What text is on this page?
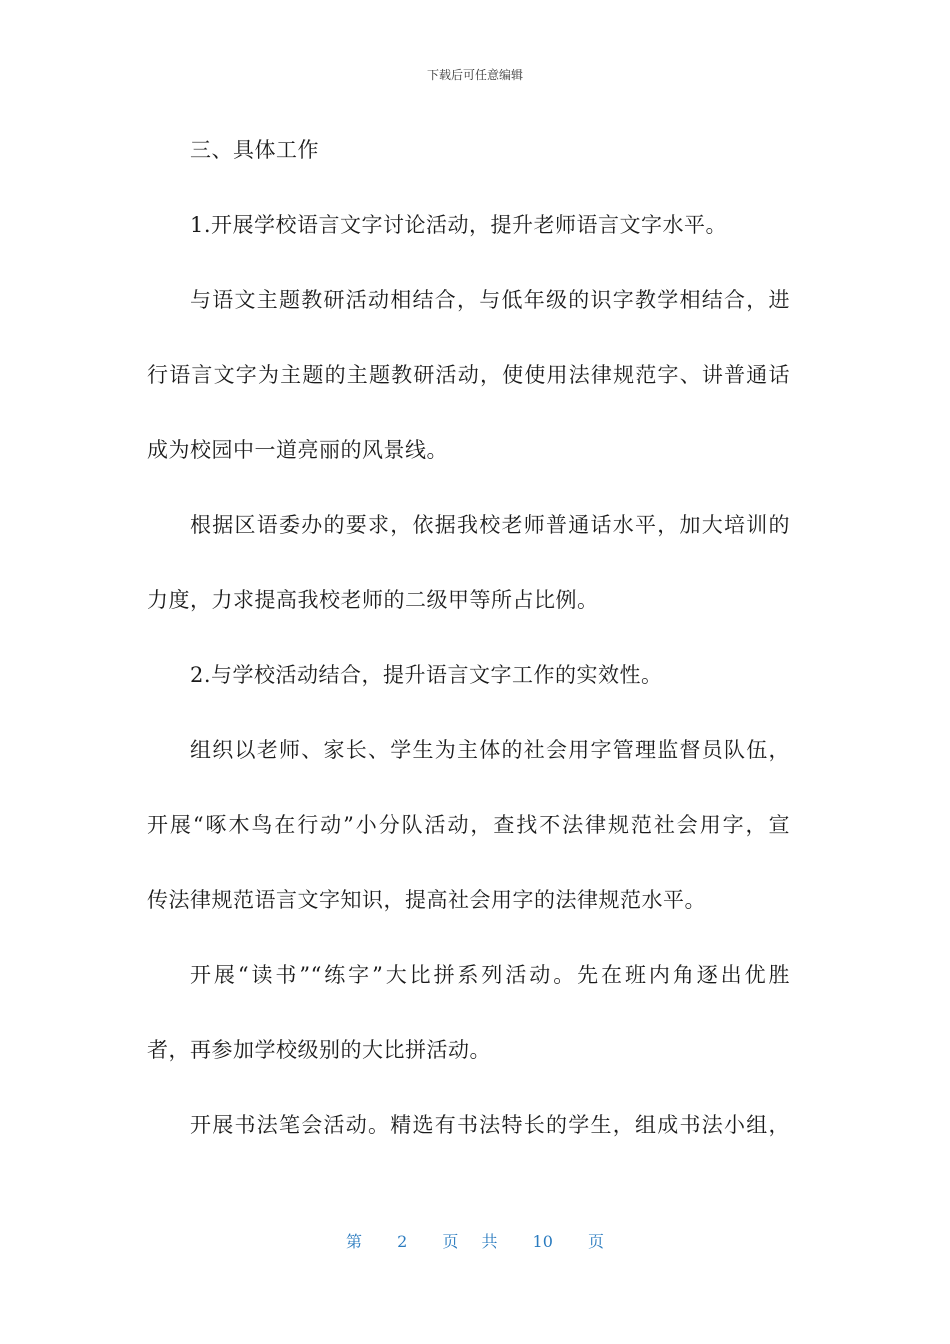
下载后可任意编辑
三、具体工作
1.开展学校语言文字讨论活动，提升老师语言文字水平。
与语文主题教研活动相结合，与低年级的识字教学相结合，进
行语言文字为主题的主题教研活动，使使用法律规范字、讲普通话
成为校园中一道亮丽的风景线。
根据区语委办的要求，依据我校老师普通话水平，加大培训的
力度，力求提高我校老师的二级甲等所占比例。
2.与学校活动结合，提升语言文字工作的实效性。
组织以老师、家长、学生为主体的社会用字管理监督员队伍，
开展“啄木鸟在行动”小分队活动，查找不法律规范社会用字，宣
传法律规范语言文字知识，提高社会用字的法律规范水平。
开展“读书”“练字”大比拼系列活动。先在班内角逐出优胜
者，再参加学校级别的大比拼活动。
开展书法笔会活动。精选有书法特长的学生，组成书法小组，
第 2 页 共 10 页
